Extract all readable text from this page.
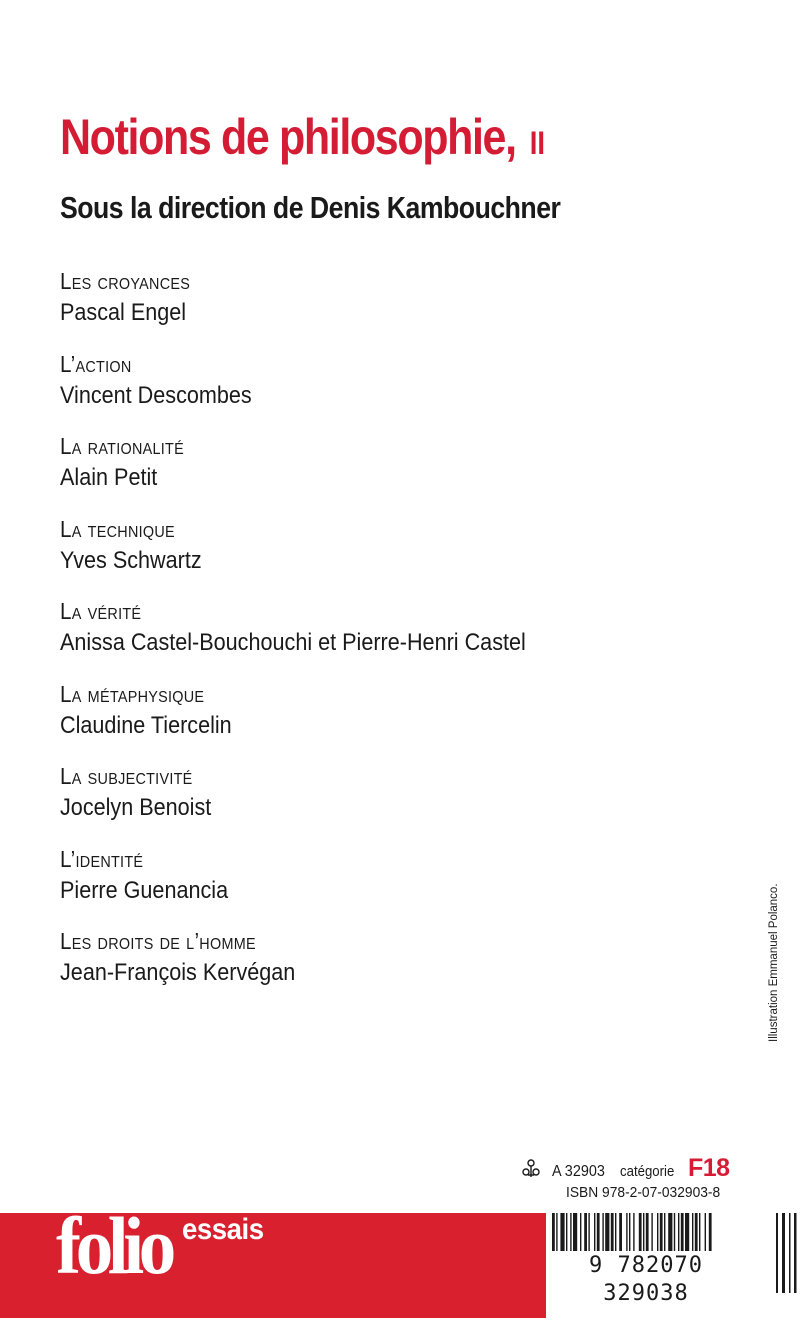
Notions de philosophie, II
Sous la direction de Denis Kambouchner
Les croyances
Pascal Engel
L’action
Vincent Descombes
La rationalité
Alain Petit
La technique
Yves Schwartz
La vérité
Anissa Castel-Bouchouchi et Pierre-Henri Castel
La métaphysique
Claudine Tiercelin
La subjectivité
Jocelyn Benoist
L’identité
Pierre Guenancia
Les droits de l’homme
Jean-François Kervégan	Illustration Emmanuel Polanco.
A 32903 catégorie F18
ISBN 978-2-07-032903-8
folio essais
9 782070 329038
